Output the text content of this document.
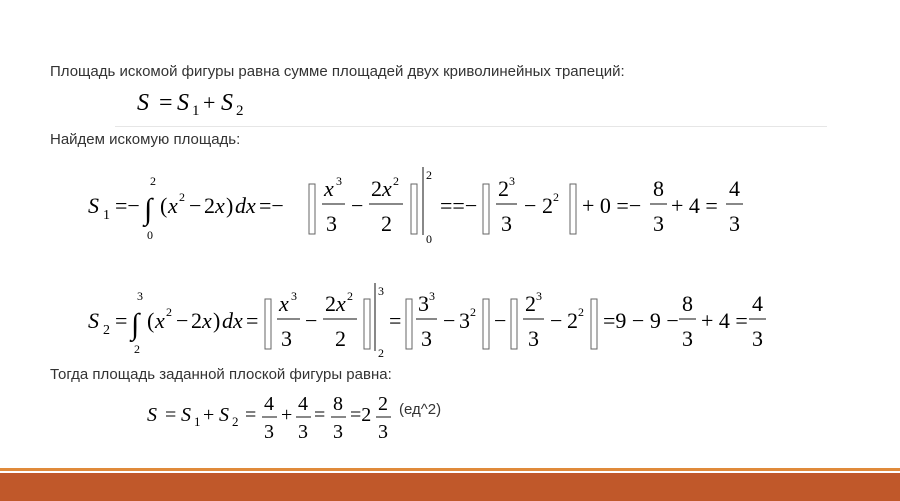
Площадь искомой фигуры равна сумме площадей двух криволинейных трапеций:
S = S 1 + S 2
Найдем искомую площадь:
S 1 =− ∫
2
0
( x 2 − 2 x ) dx =−
x 3
3
−
2 x 2
2
2
0
==−
2 3
3
− 2 2 + 0 =−
8
3
+ 4 =
4
3
S 2 = ∫
3
2
( x 2 − 2 x ) dx =
x 3
3
−
2 x 2
2
3
2
=
3 3
3
− 3 2 −
2 3
3
− 2 2 =9 − 9 −
8
3
+ 4 =
4
3
Тогда площадь заданной плоской фигуры равна:
S = S 1 + S 2 = 4
3
+ 4
3
= 8
3
=2 2
3
(ед^2)
